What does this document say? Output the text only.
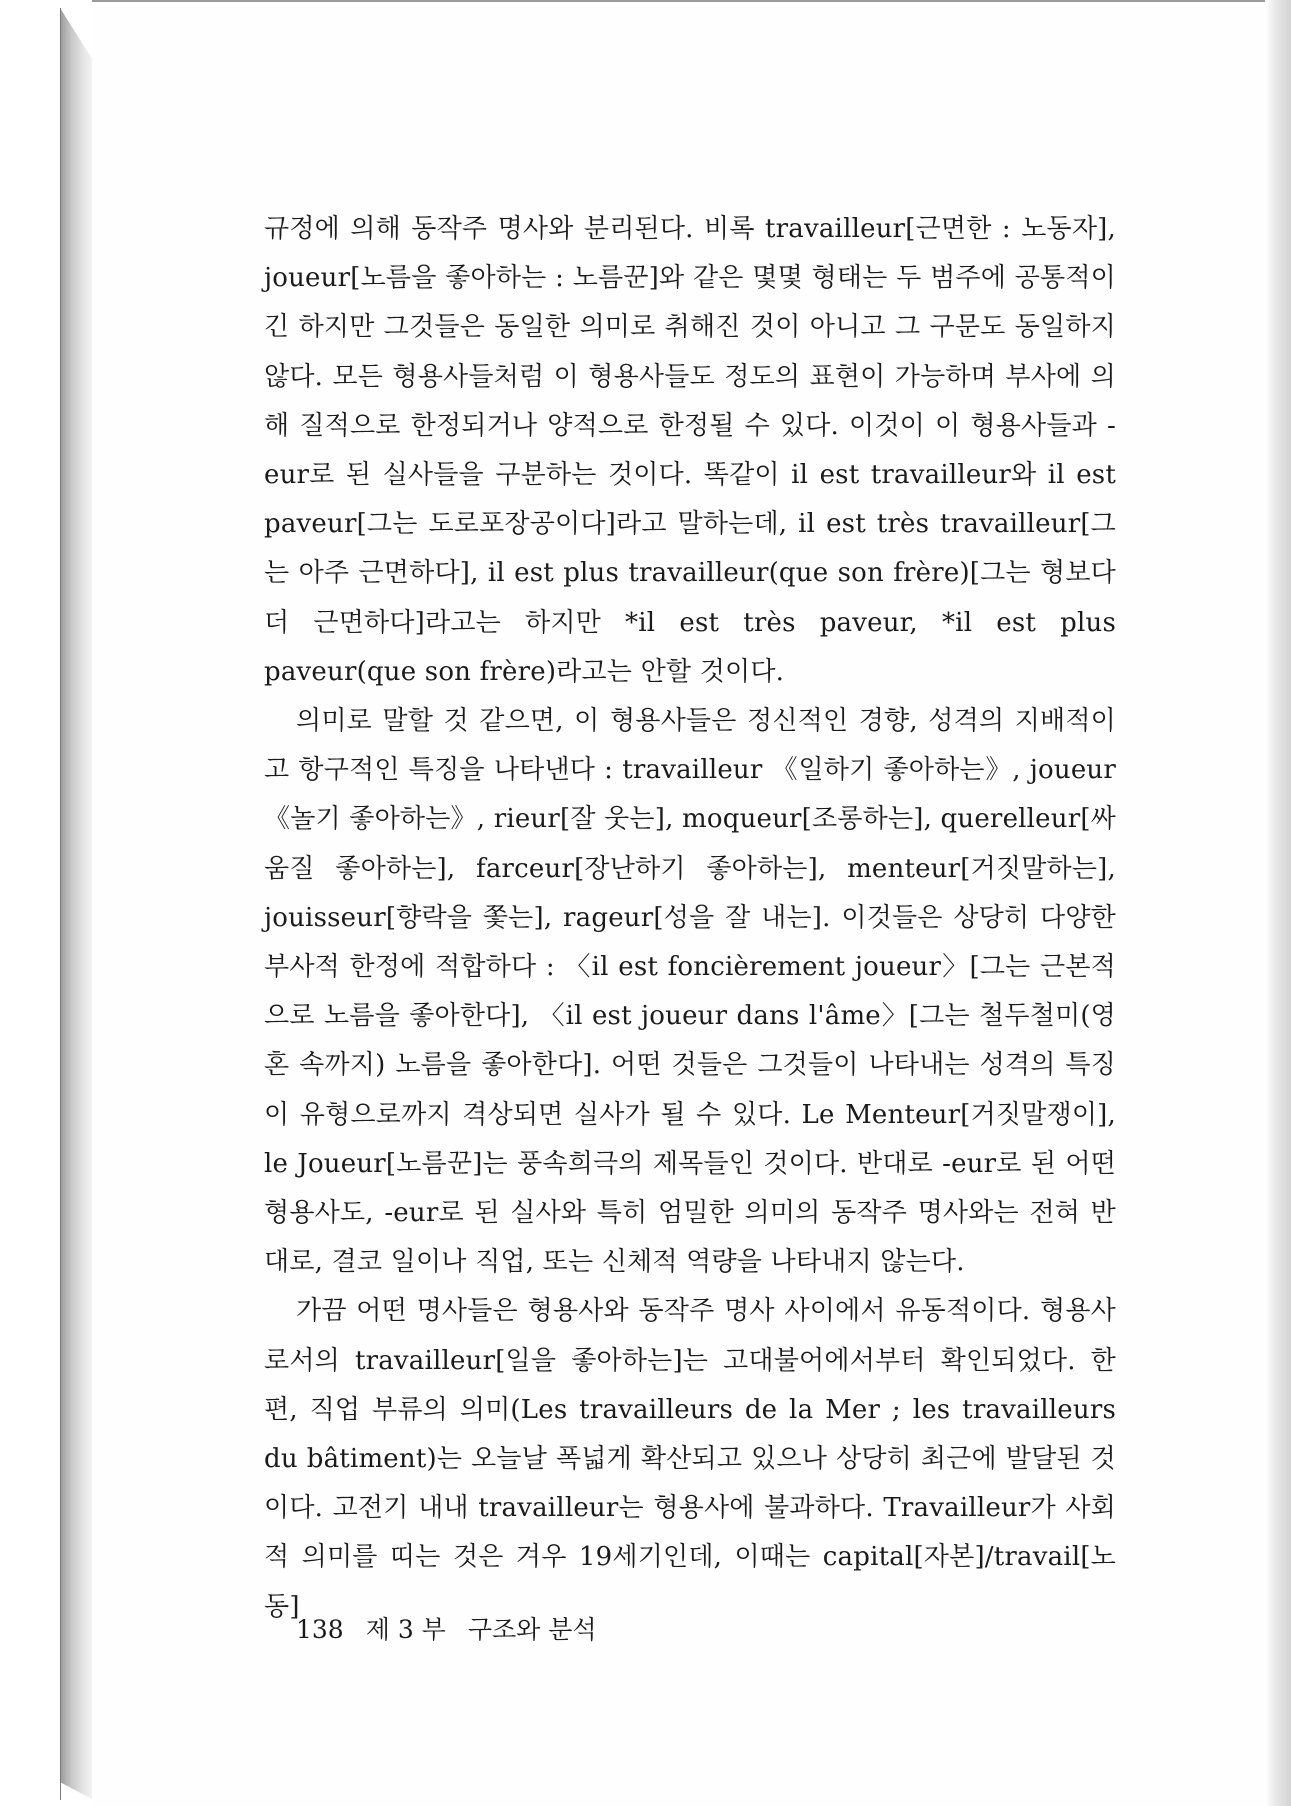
규정에 의해 동작주 명사와 분리된다. 비록 travailleur[근면한 : 노동자], joueur[노름을 좋아하는 : 노름꾼]와 같은 몇몇 형태는 두 범주에 공통적이긴 하지만 그것들은 동일한 의미로 취해진 것이 아니고 그 구문도 동일하지 않다. 모든 형용사들처럼 이 형용사들도 정도의 표현이 가능하며 부사에 의해 질적으로 한정되거나 양적으로 한정될 수 있다. 이것이 이 형용사들과 -eur로 된 실사들을 구분하는 것이다. 똑같이 il est travailleur와 il est paveur[그는 도로포장공이다]라고 말하는데, il est très travailleur[그는 아주 근면하다], il est plus travailleur(que son frère)[그는 형보다 더 근면하다]라고는 하지만 *il est très paveur, *il est plus paveur(que son frère)라고는 안할 것이다.

의미로 말할 것 같으면, 이 형용사들은 정신적인 경향, 성격의 지배적이고 항구적인 특징을 나타낸다 : travailleur 《일하기 좋아하는》, joueur 《놀기 좋아하는》, rieur[잘 웃는], moqueur[조롱하는], querelleur[싸움질 좋아하는], farceur[장난하기 좋아하는], menteur[거짓말하는], jouisseur[향락을 쫓는], rageur[성을 잘 내는]. 이것들은 상당히 다양한 부사적 한정에 적합하다 : 〈il est foncièrement joueur〉[그는 근본적으로 노름을 좋아한다], 〈il est joueur dans l'âme〉[그는 철두철미(영혼 속까지) 노름을 좋아한다]. 어떤 것들은 그것들이 나타내는 성격의 특징이 유형으로까지 격상되면 실사가 될 수 있다. Le Menteur[거짓말쟁이], le Joueur[노름꾼]는 풍속희극의 제목들인 것이다. 반대로 -eur로 된 어떤 형용사도, -eur로 된 실사와 특히 엄밀한 의미의 동작주 명사와는 전혀 반대로, 결코 일이나 직업, 또는 신체적 역량을 나타내지 않는다.

가끔 어떤 명사들은 형용사와 동작주 명사 사이에서 유동적이다. 형용사로서의 travailleur[일을 좋아하는]는 고대불어에서부터 확인되었다. 한편, 직업 부류의 의미(Les travailleurs de la Mer ; les travailleurs du bâtiment)는 오늘날 폭넓게 확산되고 있으나 상당히 최근에 발달된 것이다. 고전기 내내 travailleur는 형용사에 불과하다. Travailleur가 사회적 의미를 띠는 것은 겨우 19세기인데, 이때는 capital[자본]/travail[노동]

138 제 3 부 구조와 분석
